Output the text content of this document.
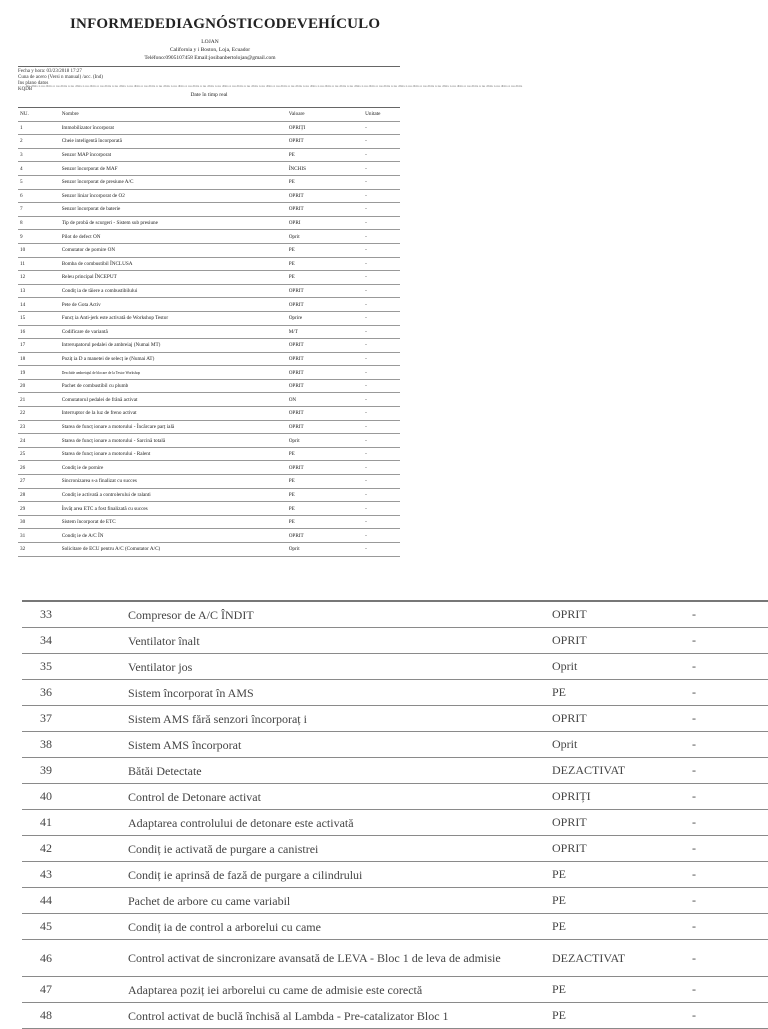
INFORMEDEDIAGNÓSTICODEVEHÍCULO
LOJAN
California y i Boston, Loja, Ecuador
Teléfono:0905107458 Email:josibanbertolojan@gmail.com
Fecha y hora: 03/23/2018 17:27
Cuna de acero (Versi n manual) /acc. (Ind)
Ins plano datos
KQDB
Na dbits n nu dbits n nu dbits n nu dbits n nu dbits n nu dbits n nu dbits n nu dbits n nu dbits n nu dbits n nu dbits n nu dbits n nu dbits n nu dbits n nu dbits n nu dbits n nu dbits n nu dbits n nu dbits n nu dbits n nu dbits n nu dbits n nu dbits n nu dbits n nu dbits n nu dbits n nu dbits n nu dbits n nu dbits n nu dbits n nu dbits n nu dbits n nu dbits n nu dbits
Date în timp real
NU.	Nombre	Valoare	Unitate
1	Immobilizator încorporat	OPRIȚI	-
2	Cheie inteligentă încorporată	OPRIT	-
3	Senzor MAP încorporat	PE	-
4	Senzor încorporat de MAF	ÎNCHIS	-
5	Senzor încorporat de presiune A/C	PE	-
6	Senzor liniar încorporat de O2	OPRIT	-
7	Senzor încorporat de baterie	OPRIT	-
8	Tip de probă de scurgeri - Sistem sub presiune	OPRI	-
9	Pilot de defect ON	Oprit	-
10	Comutator de pornire ON	PE	-
11	Bomba de combustibil ÎNCLUSA	PE	-
12	Releu principal ÎNCEPUT	PE	-
13	Condiț ia de tăiere a combustibilului	OPRIT	-
14	Pete de Gota Activ	OPRIT	-
15	Funcț ia Anti-jerk este activată de Workshop Testor	Oprire	-
16	Codificare de variantă	M/T	-
17	Intrerupatorul pedalei de ambreiaj (Numai MT)	OPRIT	-
18	Poziț ia D a manetei de selecț ie (Numai AT)	OPRIT	-
19	Deschide ambreiajul de blocare de la Testor Workshop	OPRIT	-
20	Pachet de combustibil cu plumb	OPRIT	-
21	Comutatorul pedalei de frână activat	ON	-
22	Interruptor de la luz de freno activat	OPRIT	-
23	Starea de funcț ionare a motorului - Încărcare parț ială	OPRIT	-
24	Starea de funcț ionare a motorului - Sarcină totală	Oprit	-
25	Starea de funcț ionare a motorului - Ralent	PE	-
26	Condiț ie de pornire	OPRIT	-
27	Sincronizarea s-a finalizat cu succes	PE	-
28	Condiț ie activată a controlerului de ralanti	PE	-
29	Învăț area ETC a fost finalizată cu succes	PE	-
30	Sistem încorporat de ETC	PE	-
31	Condiț ie de A/C ÎN	OPRIT	-
32	Solicitare de ECU pentru A/C (Comutator A/C)	Oprit	-
33	Compresor de A/C ÎNDIT	OPRIT	-
34	Ventilator înalt	OPRIT	-
35	Ventilator jos	Oprit	-
36	Sistem încorporat în AMS	PE	-
37	Sistem AMS fără senzori încorporaț i	OPRIT	-
38	Sistem AMS încorporat	Oprit	-
39	Bătăi Detectate	DEZACTIVAT	-
40	Control de Detonare activat	OPRIȚI	-
41	Adaptarea controlului de detonare este activată	OPRIT	-
42	Condiț ie activată de purgare a canistrei	OPRIT	-
43	Condiț ie aprinsă de fază de purgare a cilindrului	PE	-
44	Pachet de arbore cu came variabil	PE	-
45	Condiț ia de control a arborelui cu came	PE	-
46	Control activat de sincronizare avansată de LEVA - Bloc 1 de leva de admisie	DEZACTIVAT	-
47	Adaptarea poziț iei arborelui cu came de admisie este corectă	PE	-
48	Control activat de buclă închisă al Lambda - Pre-catalizator Bloc 1	PE	-
